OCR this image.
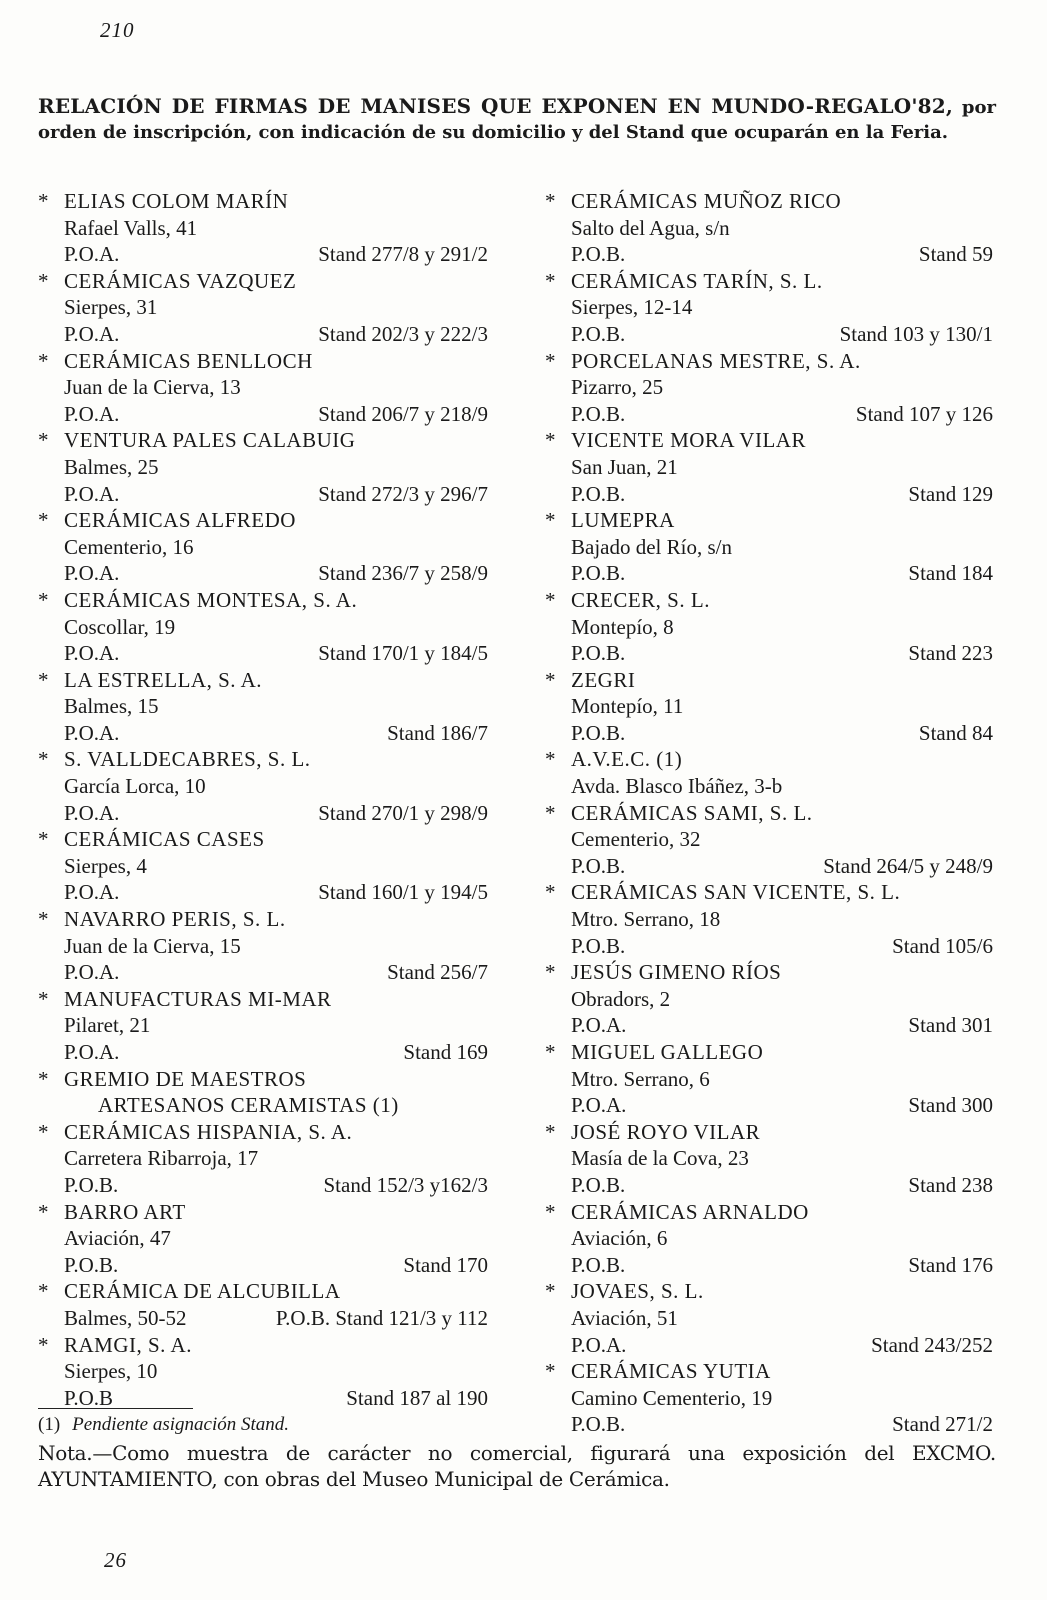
210
RELACIÓN DE FIRMAS DE MANISES QUE EXPONEN EN MUNDO-REGALO'82, por orden de inscripción, con indicación de su domicilio y del Stand que ocuparán en la Feria.
* ELIAS COLOM MARÍN
Rafael Valls, 41
P.O.A.	Stand 277/8 y 291/2
* CERÁMICAS VAZQUEZ
Sierpes, 31
P.O.A.	Stand 202/3 y 222/3
* CERÁMICAS BENLLOCH
Juan de la Cierva, 13
P.O.A.	Stand 206/7 y 218/9
* VENTURA PALES CALABUIG
Balmes, 25
P.O.A.	Stand 272/3 y 296/7
* CERÁMICAS ALFREDO
Cementerio, 16
P.O.A.	Stand 236/7 y 258/9
* CERÁMICAS MONTESA, S. A.
Coscollar, 19
P.O.A.	Stand 170/1 y 184/5
* LA ESTRELLA, S. A.
Balmes, 15
P.O.A.	Stand 186/7
* S. VALLDECABRES, S. L.
García Lorca, 10
P.O.A.	Stand 270/1 y 298/9
* CERÁMICAS CASES
Sierpes, 4
P.O.A.	Stand 160/1 y 194/5
* NAVARRO PERIS, S. L.
Juan de la Cierva, 15
P.O.A.	Stand 256/7
* MANUFACTURAS MI-MAR
Pilaret, 21
P.O.A.	Stand 169
* GREMIO DE MAESTROS
ARTESANOS CERAMISTAS (1)
* CERÁMICAS HISPANIA, S. A.
Carretera Ribarroja, 17
P.O.B.	Stand 152/3 y162/3
* BARRO ART
Aviación, 47
P.O.B.	Stand 170
* CERÁMICA DE ALCUBILLA
Balmes, 50-52	P.O.B. Stand 121/3 y 112
* RAMGI, S. A.
Sierpes, 10
P.O.B	Stand 187 al 190
* CERÁMICAS MUÑOZ RICO
Salto del Agua, s/n
P.O.B.	Stand 59
* CERÁMICAS TARÍN, S. L.
Sierpes, 12-14
P.O.B.	Stand 103 y 130/1
* PORCELANAS MESTRE, S. A.
Pizarro, 25
P.O.B.	Stand 107 y 126
* VICENTE MORA VILAR
San Juan, 21
P.O.B.	Stand 129
* LUMEPRA
Bajado del Río, s/n
P.O.B.	Stand 184
* CRECER, S. L.
Montepío, 8
P.O.B.	Stand 223
* ZEGRI
Montepío, 11
P.O.B.	Stand 84
* A.V.E.C. (1)
Avda. Blasco Ibáñez, 3-b
* CERÁMICAS SAMI, S. L.
Cementerio, 32
P.O.B.	Stand 264/5 y 248/9
* CERÁMICAS SAN VICENTE, S. L.
Mtro. Serrano, 18
P.O.B.	Stand 105/6
* JESÚS GIMENO RÍOS
Obradors, 2
P.O.A.	Stand 301
* MIGUEL GALLEGO
Mtro. Serrano, 6
P.O.A.	Stand 300
* JOSÉ ROYO VILAR
Masía de la Cova, 23
P.O.B.	Stand 238
* CERÁMICAS ARNALDO
Aviación, 6
P.O.B.	Stand 176
* JOVAES, S. L.
Aviación, 51
P.O.A.	Stand 243/252
* CERÁMICAS YUTIA
Camino Cementerio, 19
P.O.B.	Stand 271/2
(1) Pendiente asignación Stand.
Nota.—Como muestra de carácter no comercial, figurará una exposición del EXCMO. AYUNTAMIENTO, con obras del Museo Municipal de Cerámica.
26
